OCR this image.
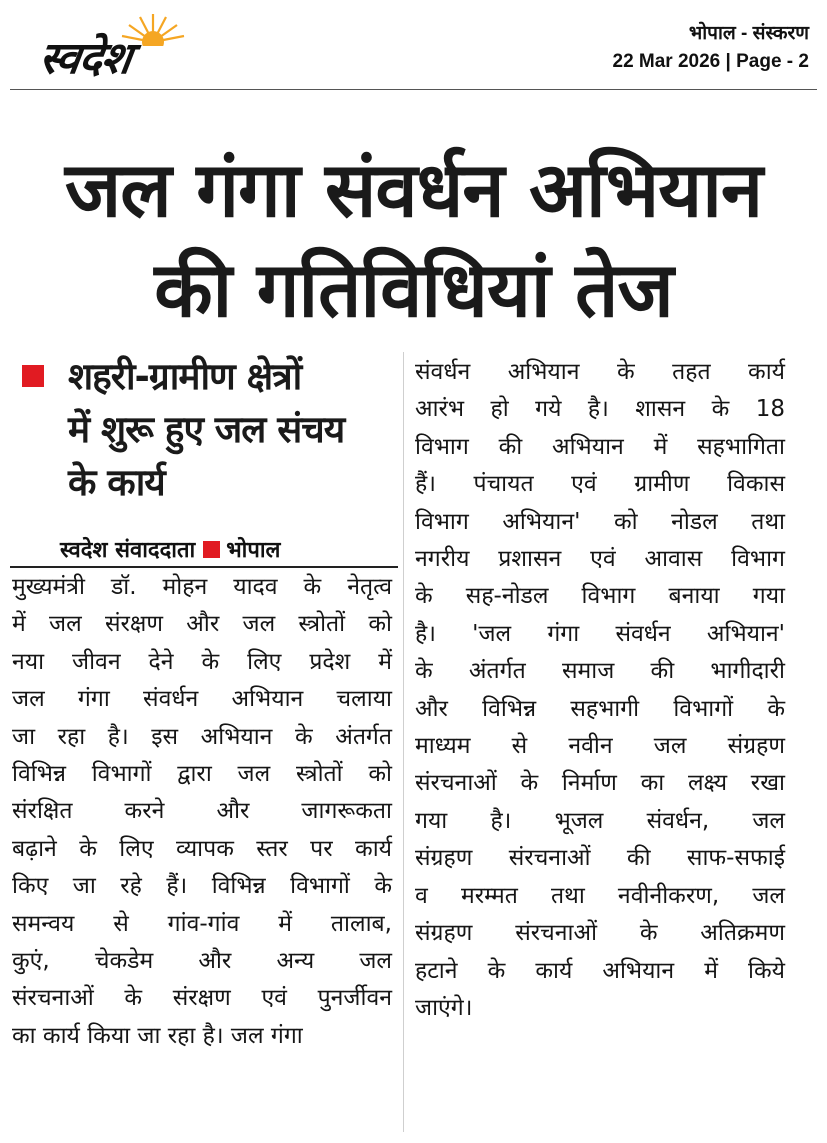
स्वदेश	भोपाल - संस्करण
22 Mar 2026 | Page - 2
जल गंगा संवर्धन अभियान
की गतिविधियां तेज
शहरी-ग्रामीण क्षेत्रों
में शुरू हुए जल संचय
के कार्य
स्वदेश संवाददाता भोपाल
मुख्यमंत्री डॉ. मोहन यादव के नेतृत्व
में जल संरक्षण और जल स्त्रोतों को
नया जीवन देने के लिए प्रदेश में
जल गंगा संवर्धन अभियान चलाया
जा रहा है। इस अभियान के अंतर्गत
विभिन्न विभागों द्वारा जल स्त्रोतों को
संरक्षित करने और जागरूकता
बढ़ाने के लिए व्यापक स्तर पर कार्य
किए जा रहे हैं। विभिन्न विभागों के
समन्वय से गांव-गांव में तालाब,
कुएं, चेकडेम और अन्य जल
संरचनाओं के संरक्षण एवं पुनर्जीवन
का कार्य किया जा रहा है। जल गंगा
संवर्धन अभियान के तहत कार्य
आरंभ हो गये है। शासन के 18
विभाग की अभियान में सहभागिता
हैं। पंचायत एवं ग्रामीण विकास
विभाग अभियान' को नोडल तथा
नगरीय प्रशासन एवं आवास विभाग
के सह-नोडल विभाग बनाया गया
है। 'जल गंगा संवर्धन अभियान'
के अंतर्गत समाज की भागीदारी
और विभिन्न सहभागी विभागों के
माध्यम से नवीन जल संग्रहण
संरचनाओं के निर्माण का लक्ष्य रखा
गया है। भूजल संवर्धन, जल
संग्रहण संरचनाओं की साफ-सफाई
व मरम्मत तथा नवीनीकरण, जल
संग्रहण संरचनाओं के अतिक्रमण
हटाने के कार्य अभियान में किये
जाएंगे।
